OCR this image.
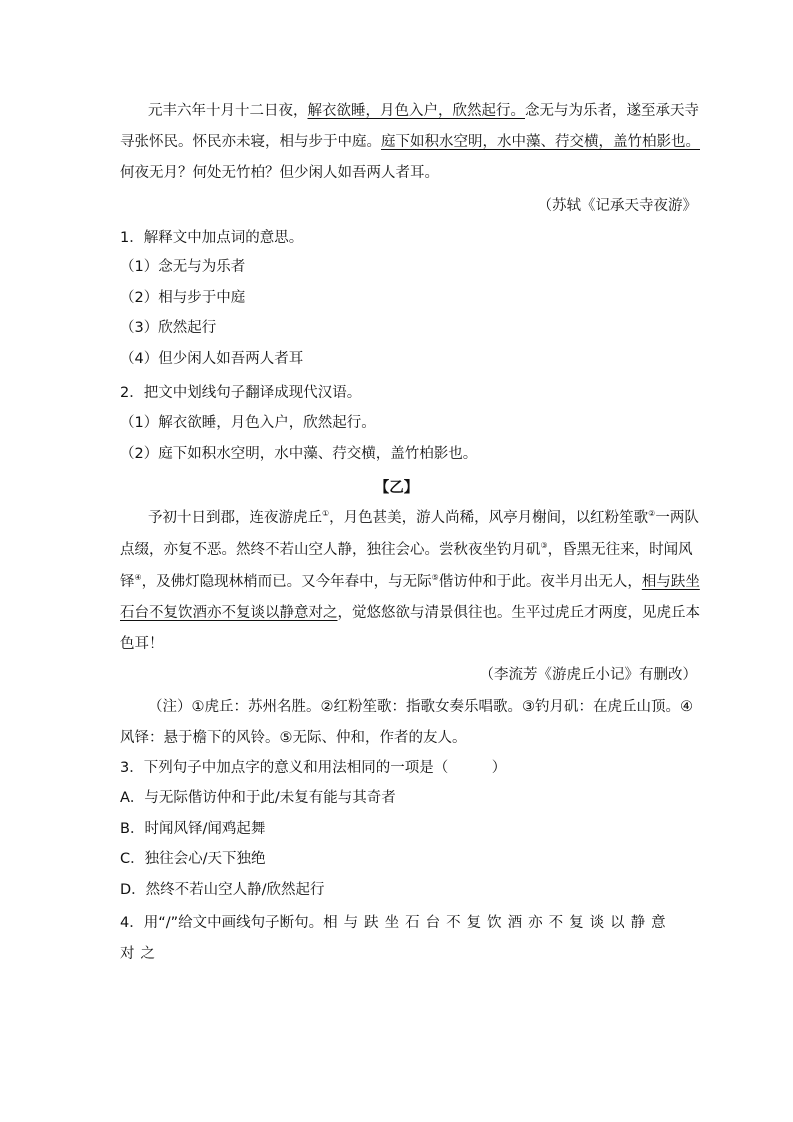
元丰六年十月十二日夜，解衣欲睡，月色入户，欣然起行。念无与为乐者，遂至承天寺
寻张怀民。怀民亦未寝，相与步于中庭。庭下如积水空明，水中藻、荇交横，盖竹柏影也。
何夜无月？何处无竹柏？但少闲人如吾两人者耳。
（苏轼《记承天寺夜游》
1．解释文中加点词的意思。
（1）念无与为乐者
（2）相与步于中庭
（3）欣然起行
（4）但少闲人如吾两人者耳
2．把文中划线句子翻译成现代汉语。
（1）解衣欲睡，月色入户，欣然起行。
（2）庭下如积水空明，水中藻、荇交横，盖竹柏影也。
【乙】
予初十日到郡，连夜游虎丘①，月色甚美，游人尚稀，风亭月榭间，以红粉笙歌②一两队
点缀，亦复不恶。然终不若山空人静，独往会心。尝秋夜坐钓月矶③，昏黑无往来，时闻风
铎④，及佛灯隐现林梢而已。又今年春中，与无际⑤偕访仲和于此。夜半月出无人，相与趺坐
石台不复饮酒亦不复谈以静意对之，觉悠悠欲与清景俱往也。生平过虎丘才两度，见虎丘本
色耳！
（李流芳《游虎丘小记》有删改）
（注）①虎丘：苏州名胜。②红粉笙歌：指歌女奏乐唱歌。③钓月矶：在虎丘山顶。④
风铎：悬于檐下的风铃。⑤无际、仲和，作者的友人。
3．下列句子中加点字的意义和用法相同的一项是（　　　）
A．与无际偕访仲和于此/未复有能与其奇者
B．时闻风铎/闻鸡起舞
C．独往会心/天下独绝
D．然终不若山空人静/欣然起行
4．用“/”给文中画线句子断句。相与趺坐石台不复饮酒亦不复谈以静意
对之
